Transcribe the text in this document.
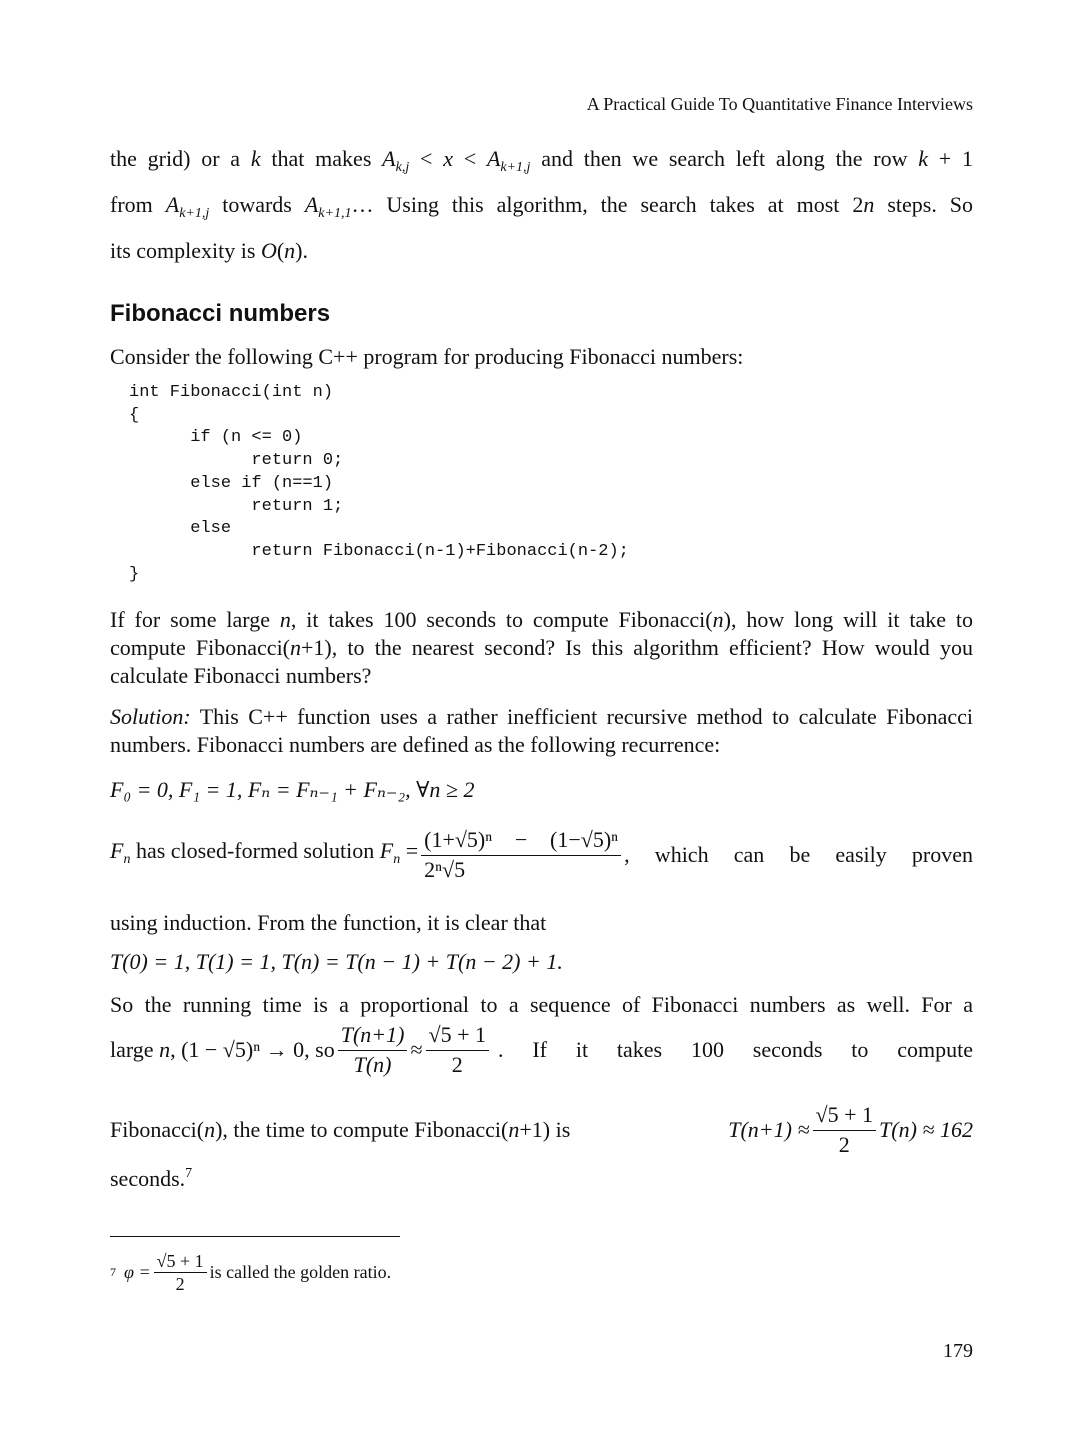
A Practical Guide To Quantitative Finance Interviews
the grid) or a k that makes $A_{k,j} < x < A_{k+1,j}$ and then we search left along the row k + 1
from $A_{k+1,j}$ towards $A_{k+1,1}\dots$ Using this algorithm, the search takes at most 2n steps. So
its complexity is O(n).
Fibonacci numbers

Consider the following C++ program for producing Fibonacci numbers:

int Fibonacci(int n)
{
if (n <= 0)
return 0;
else if (n==1)
return 1;
else
return Fibonacci(n-1)+Fibonacci(n-2);
}

If for some large n, it takes 100 seconds to compute Fibonacci(n), how long will it take to compute Fibonacci(n+1), to the nearest second? Is this algorithm efficient? How would you calculate Fibonacci numbers?

Solution: This C++ function uses a rather inefficient recursive method to calculate Fibonacci numbers. Fibonacci numbers are defined as the following recurrence:

F₀ = 0, F₁ = 1, Fₙ = Fₙ₋₁ + Fₙ₋₂, ∀n ≥ 2

$F_n$ has closed-formed solution $F_n = \frac{\text{(1+√5)ⁿ − (1−√5)ⁿ}}{\text{2ⁿ√5}}$ , which can be easily proven

using induction. From the function, it is clear that

T(0) = 1, T(1) = 1, T(n) = T(n − 1) + T(n − 2) + 1.

So the running time is a proportional to a sequence of Fibonacci numbers as well. For a

large n, (1 − √5)ⁿ → 0, so $\frac{T(n+1)}{T(n)} \approx \frac{√5 + 1}{2}$ . If it takes 100 seconds to compute
Fibonacci(n), the time to compute Fibonacci(n+1) is	$T(n+1) \approx \frac{√5 + 1}{2} T(n) \approx 162$

seconds.$^7$

7 $\varphi = \frac{√5 + 1}{2}$ is called the golden ratio.
179
